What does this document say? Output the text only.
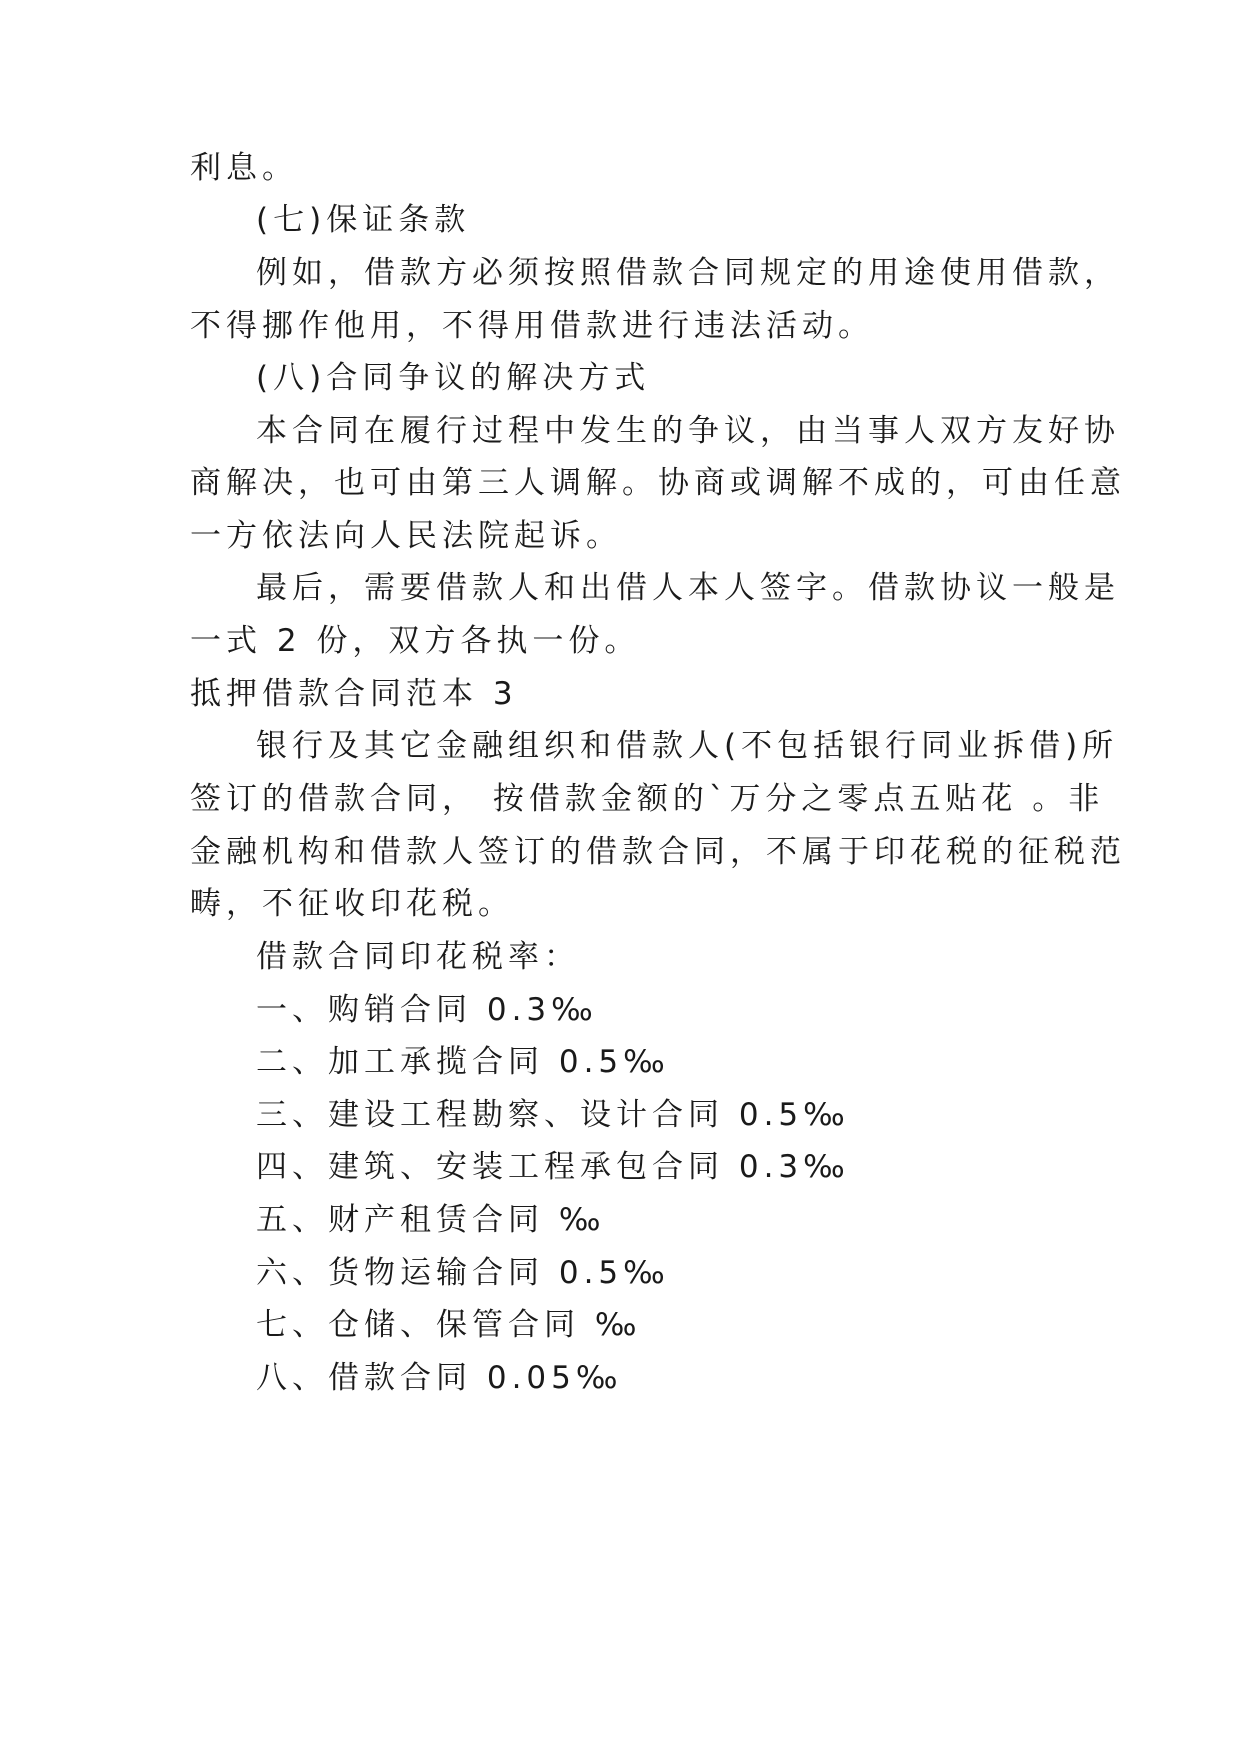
利息。
(七)保证条款
例如，借款方必须按照借款合同规定的用途使用借款，
不得挪作他用，不得用借款进行违法活动。
(八)合同争议的解决方式
本合同在履行过程中发生的争议，由当事人双方友好协
商解决，也可由第三人调解。协商或调解不成的，可由任意
一方依法向人民法院起诉。
最后，需要借款人和出借人本人签字。借款协议一般是
一式 2 份，双方各执一份。
抵押借款合同范本 3
银行及其它金融组织和借款人(不包括银行同业拆借)所
签订的借款合同， 按借款金额的`万分之零点五贴花 。非
金融机构和借款人签订的借款合同，不属于印花税的征税范
畴，不征收印花税。
借款合同印花税率：
一、购销合同 0.3‰
二、加工承揽合同 0.5‰
三、建设工程勘察、设计合同 0.5‰
四、建筑、安装工程承包合同 0.3‰
五、财产租赁合同 ‰
六、货物运输合同 0.5‰
七、仓储、保管合同 ‰
八、借款合同 0.05‰
